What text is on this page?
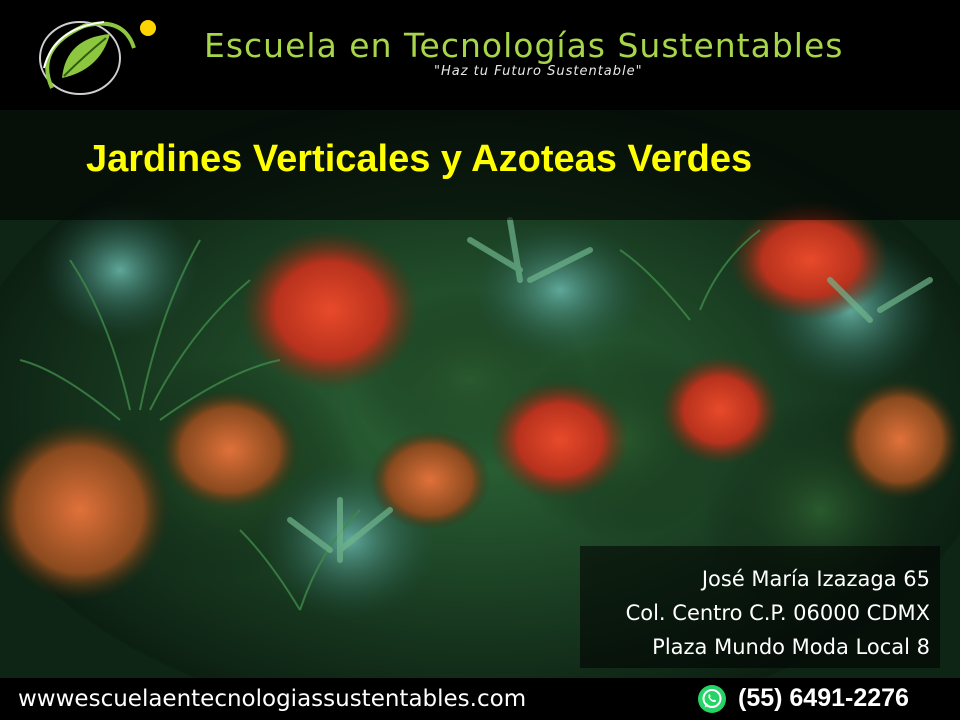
Escuela en Tecnologías Sustentables
"Haz tu Futuro Sustentable"
Jardines Verticales y Azoteas Verdes
José María Izazaga 65
Col. Centro C.P. 06000 CDMX
Plaza Mundo Moda Local 8
wwwescuelaentecnologiassustentables.com	(55) 6491-2276
